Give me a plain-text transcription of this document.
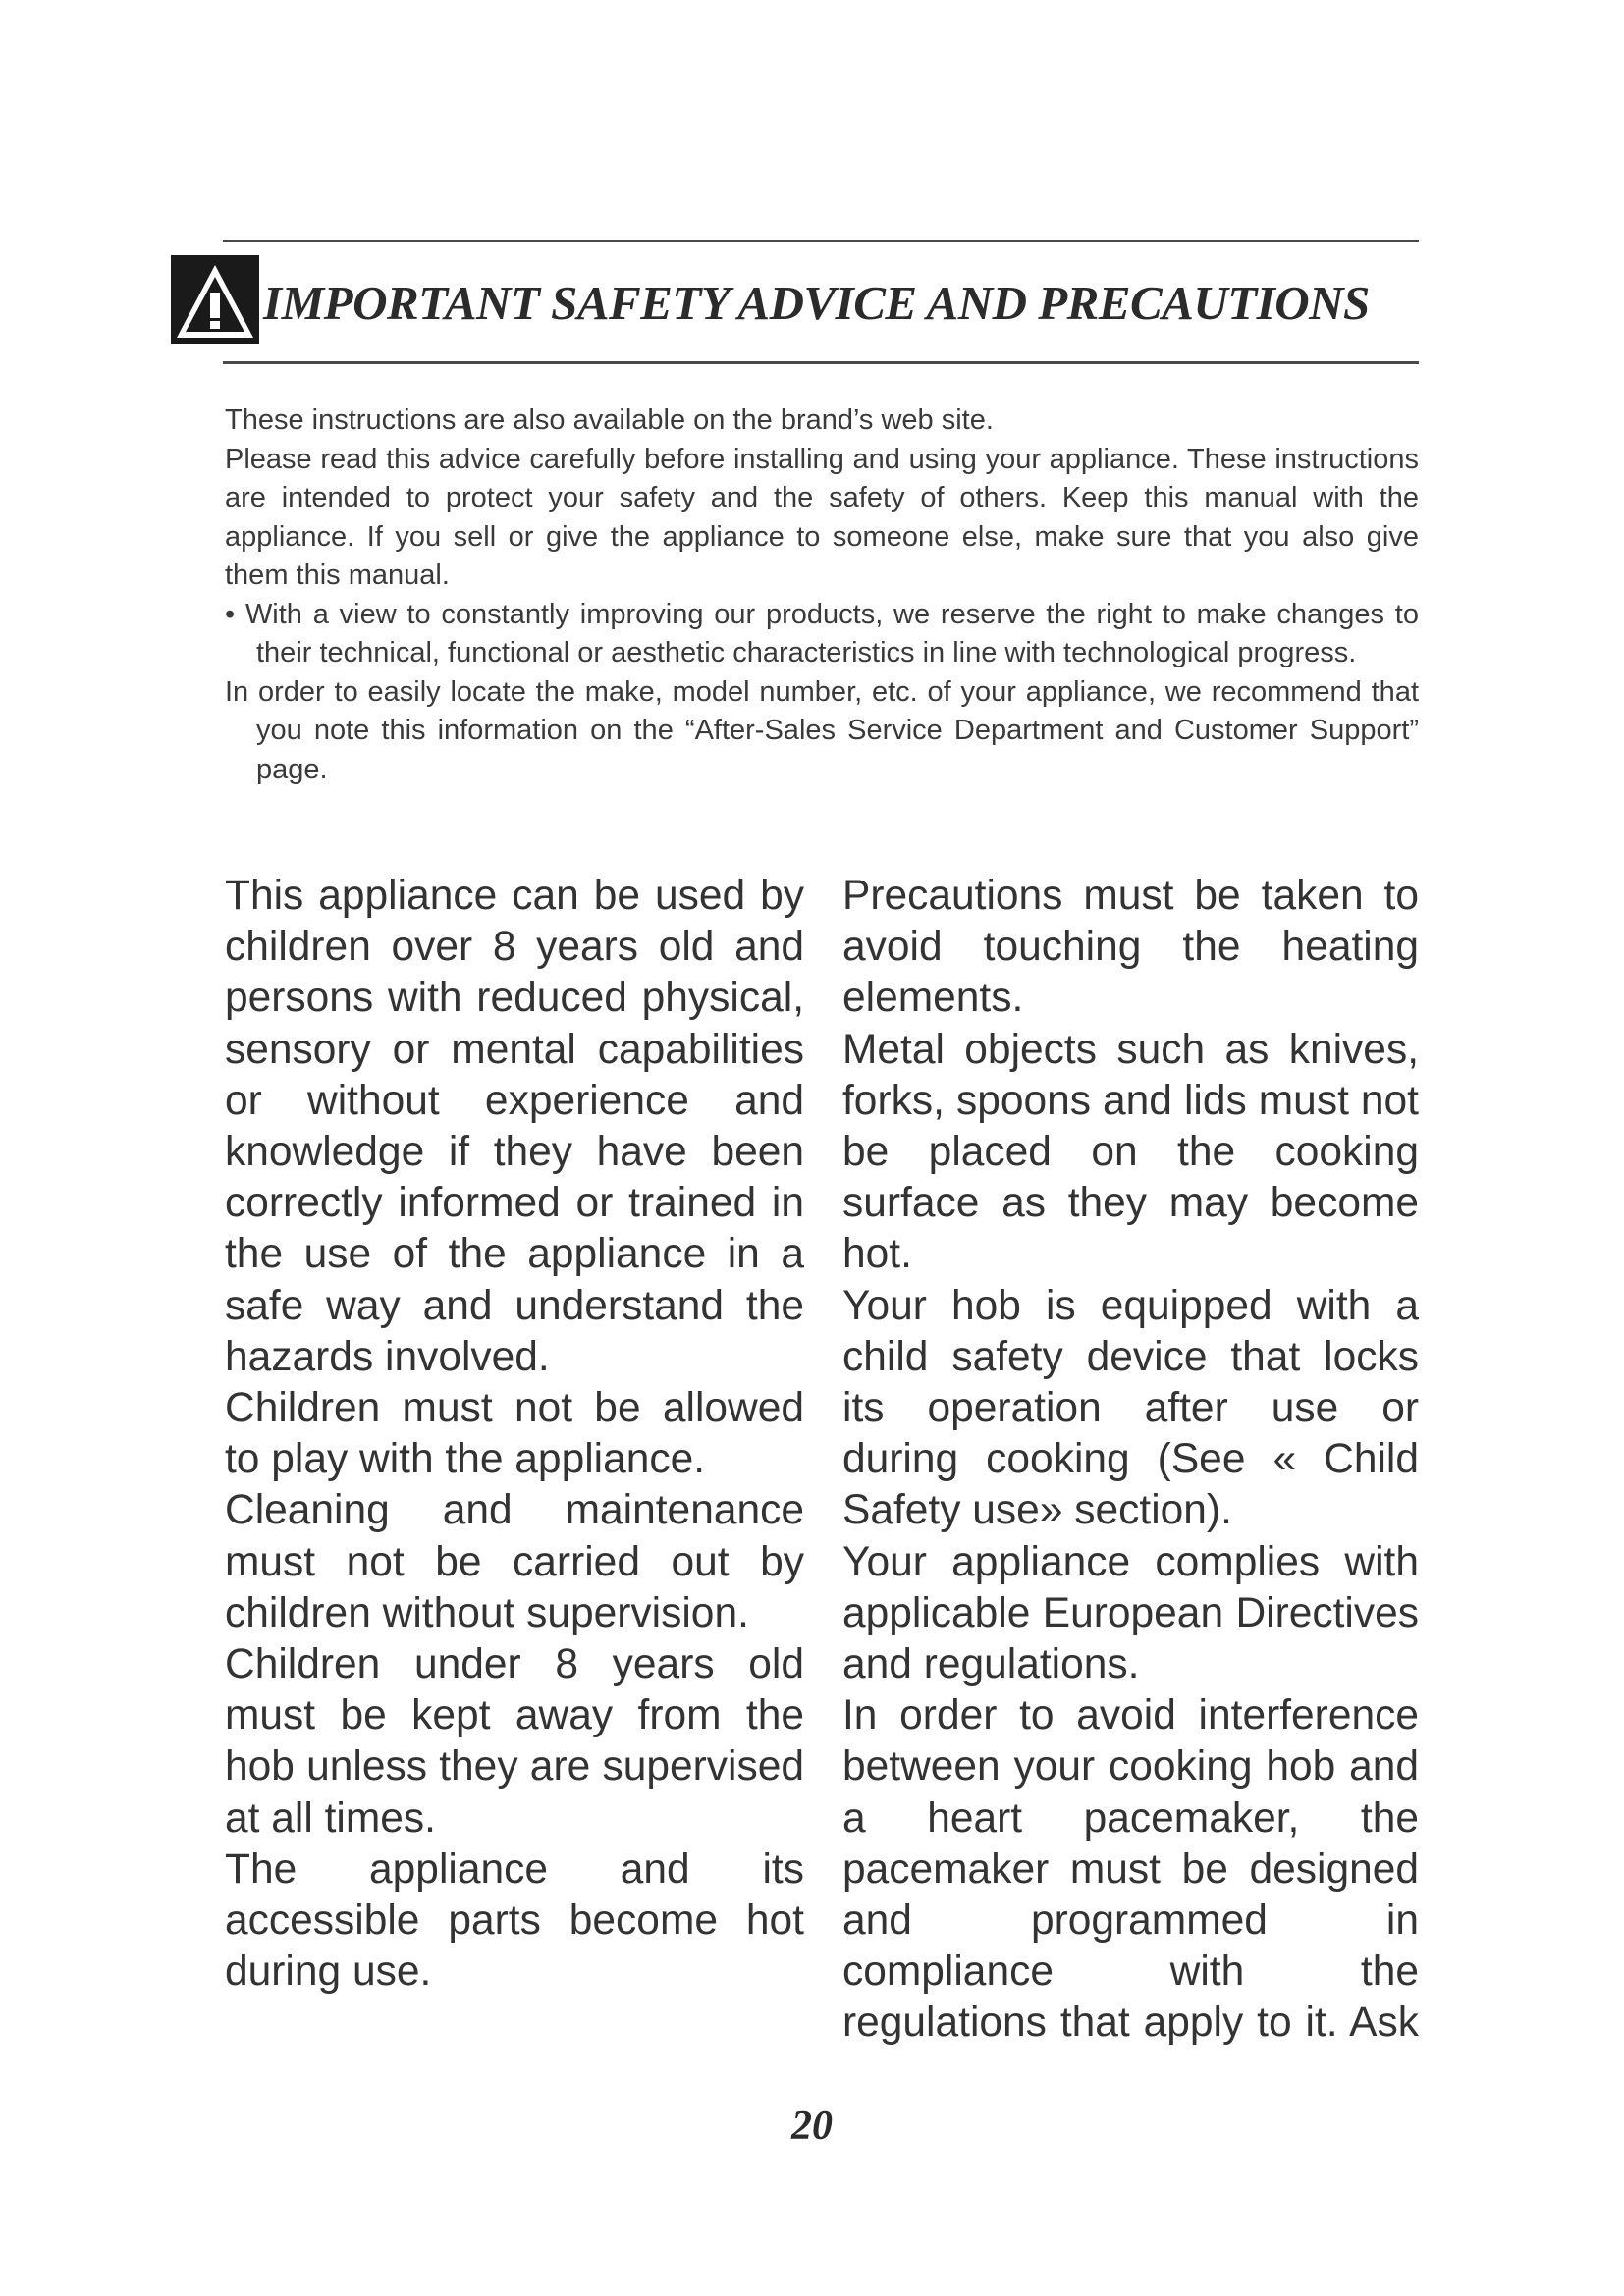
IMPORTANT SAFETY ADVICE AND PRECAUTIONS

These instructions are also available on the brand’s web site.

Please read this advice carefully before installing and using your appliance. These instructions are intended to protect your safety and the safety of others. Keep this manual with the appliance. If you sell or give the appliance to someone else, make sure that you also give them this manual.

• With a view to constantly improving our products, we reserve the right to make changes to their technical, functional or aesthetic characteristics in line with technological progress.

In order to easily locate the make, model number, etc. of your appliance, we recommend that you note this information on the “After-Sales Service Department and Customer Support” page.

This appliance can be used by children over 8 years old and persons with reduced physical, sensory or mental capabilities or without experience and knowledge if they have been correctly informed or trained in the use of the appliance in a safe way and understand the hazards involved.

Children must not be allowed to play with the appliance.

Cleaning and maintenance must not be carried out by children without supervision.

Children under 8 years old must be kept away from the hob unless they are supervised at all times.

The appliance and its accessible parts become hot during use.

Precautions must be taken to avoid touching the heating elements.

Metal objects such as knives, forks, spoons and lids must not be placed on the cooking surface as they may become hot.

Your hob is equipped with a child safety device that locks its operation after use or during cooking (See « Child Safety use» section).

Your appliance complies with applicable European Directives and regulations.

In order to avoid interference between your cooking hob and a heart pacemaker, the pacemaker must be designed and programmed in compliance with the regulations that apply to it. Ask

20
